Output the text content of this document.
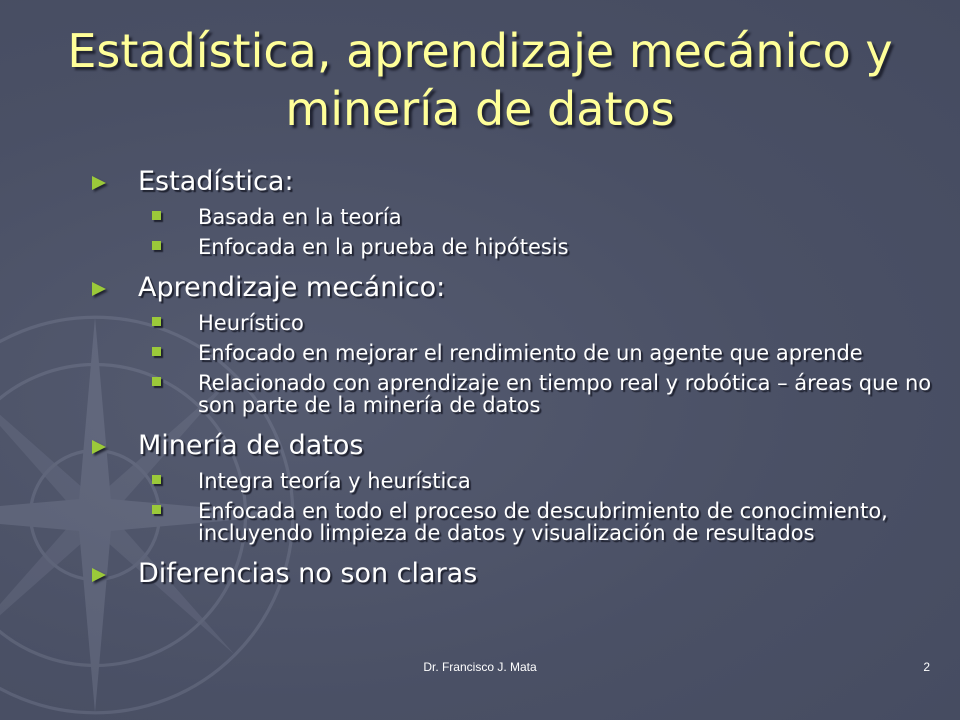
Estadística, aprendizaje mecánico y minería de datos
Estadística:
Basada en la teoría
Enfocada en la prueba de hipótesis
Aprendizaje mecánico:
Heurístico
Enfocado en mejorar el rendimiento de un agente que aprende
Relacionado con aprendizaje en tiempo real y robótica – áreas que no son parte de la minería de datos
Minería de datos
Integra teoría y heurística
Enfocada en todo el proceso de descubrimiento de conocimiento, incluyendo limpieza de datos y visualización de resultados
Diferencias no son claras
Dr. Francisco J. Mata	2
